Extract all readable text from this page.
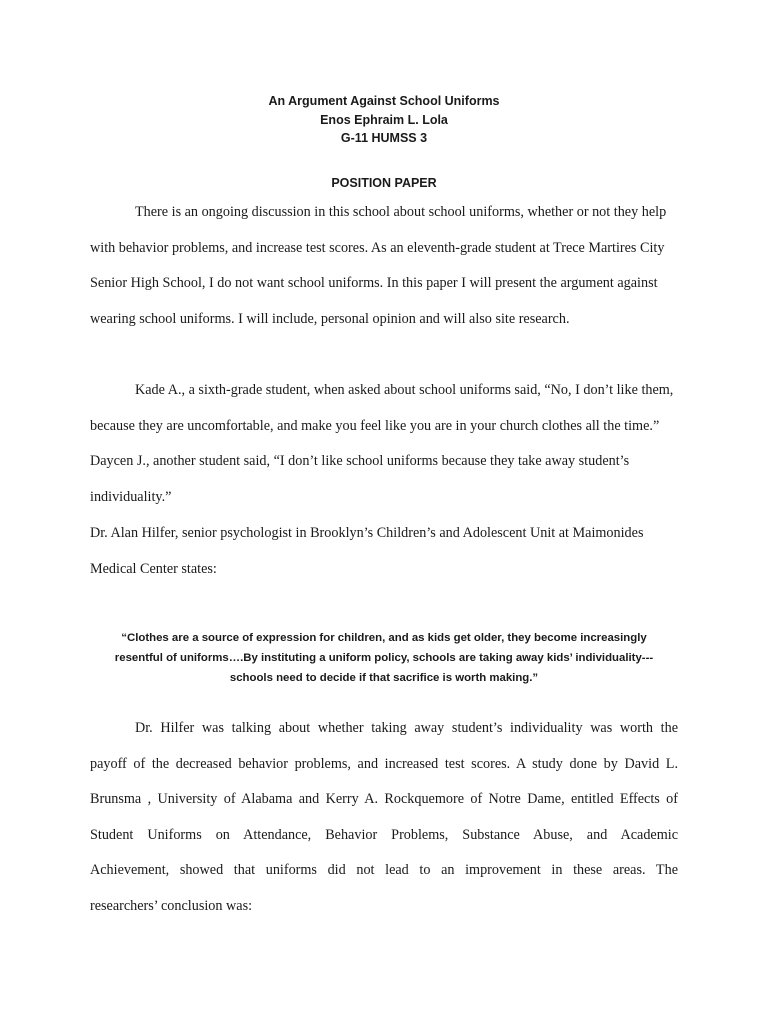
An Argument Against School Uniforms
Enos Ephraim L. Lola
G-11 HUMSS 3
POSITION PAPER

There is an ongoing discussion in this school about school uniforms, whether or not they help with behavior problems, and increase test scores. As an eleventh-grade student at Trece Martires City Senior High School, I do not want school uniforms. In this paper I will present the argument against wearing school uniforms. I will include, personal opinion and will also site research.

Kade A., a sixth-grade student, when asked about school uniforms said, “No, I don’t like them, because they are uncomfortable, and make you feel like you are in your church clothes all the time.” Daycen J., another student said, “I don’t like school uniforms because they take away student’s individuality.”

Dr. Alan Hilfer, senior psychologist in Brooklyn’s Children’s and Adolescent Unit at Maimonides Medical Center states:

“Clothes are a source of expression for children, and as kids get older, they become increasingly resentful of uniforms….By instituting a uniform policy, schools are taking away kids’ individuality---schools need to decide if that sacrifice is worth making.”
Dr. Hilfer was talking about whether taking away student’s individuality was worth the
payoff of the decreased behavior problems, and increased test scores. A study done by David L.
Brunsma , University of Alabama and Kerry A. Rockquemore of Notre Dame, entitled Effects of
Student Uniforms on Attendance, Behavior Problems, Substance Abuse, and Academic
Achievement, showed that uniforms did not lead to an improvement in these areas. The
researchers’ conclusion was:
